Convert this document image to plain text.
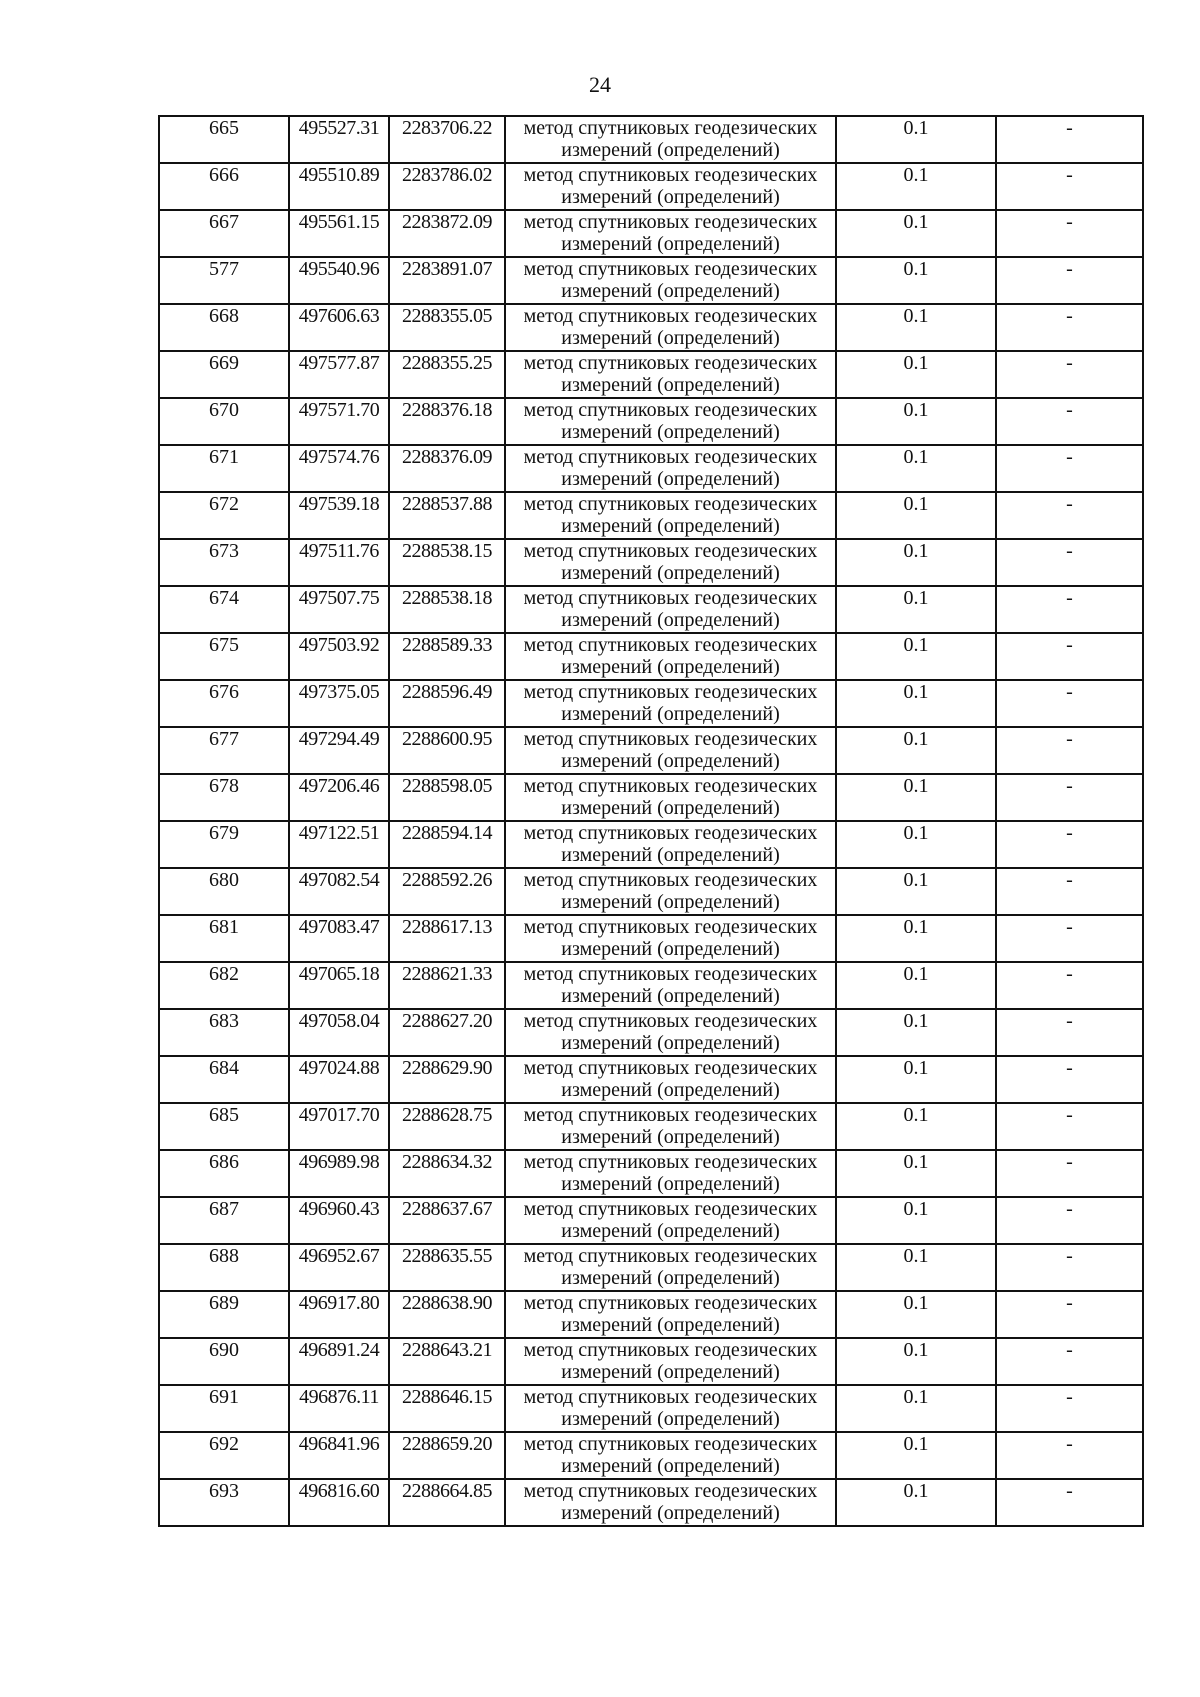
24
665	495527.31	2283706.22	метод спутниковых геодезических измерений (определений)	0.1	-
666	495510.89	2283786.02	метод спутниковых геодезических измерений (определений)	0.1	-
667	495561.15	2283872.09	метод спутниковых геодезических измерений (определений)	0.1	-
577	495540.96	2283891.07	метод спутниковых геодезических измерений (определений)	0.1	-
668	497606.63	2288355.05	метод спутниковых геодезических измерений (определений)	0.1	-
669	497577.87	2288355.25	метод спутниковых геодезических измерений (определений)	0.1	-
670	497571.70	2288376.18	метод спутниковых геодезических измерений (определений)	0.1	-
671	497574.76	2288376.09	метод спутниковых геодезических измерений (определений)	0.1	-
672	497539.18	2288537.88	метод спутниковых геодезических измерений (определений)	0.1	-
673	497511.76	2288538.15	метод спутниковых геодезических измерений (определений)	0.1	-
674	497507.75	2288538.18	метод спутниковых геодезических измерений (определений)	0.1	-
675	497503.92	2288589.33	метод спутниковых геодезических измерений (определений)	0.1	-
676	497375.05	2288596.49	метод спутниковых геодезических измерений (определений)	0.1	-
677	497294.49	2288600.95	метод спутниковых геодезических измерений (определений)	0.1	-
678	497206.46	2288598.05	метод спутниковых геодезических измерений (определений)	0.1	-
679	497122.51	2288594.14	метод спутниковых геодезических измерений (определений)	0.1	-
680	497082.54	2288592.26	метод спутниковых геодезических измерений (определений)	0.1	-
681	497083.47	2288617.13	метод спутниковых геодезических измерений (определений)	0.1	-
682	497065.18	2288621.33	метод спутниковых геодезических измерений (определений)	0.1	-
683	497058.04	2288627.20	метод спутниковых геодезических измерений (определений)	0.1	-
684	497024.88	2288629.90	метод спутниковых геодезических измерений (определений)	0.1	-
685	497017.70	2288628.75	метод спутниковых геодезических измерений (определений)	0.1	-
686	496989.98	2288634.32	метод спутниковых геодезических измерений (определений)	0.1	-
687	496960.43	2288637.67	метод спутниковых геодезических измерений (определений)	0.1	-
688	496952.67	2288635.55	метод спутниковых геодезических измерений (определений)	0.1	-
689	496917.80	2288638.90	метод спутниковых геодезических измерений (определений)	0.1	-
690	496891.24	2288643.21	метод спутниковых геодезических измерений (определений)	0.1	-
691	496876.11	2288646.15	метод спутниковых геодезических измерений (определений)	0.1	-
692	496841.96	2288659.20	метод спутниковых геодезических измерений (определений)	0.1	-
693	496816.60	2288664.85	метод спутниковых геодезических измерений (определений)	0.1	-
